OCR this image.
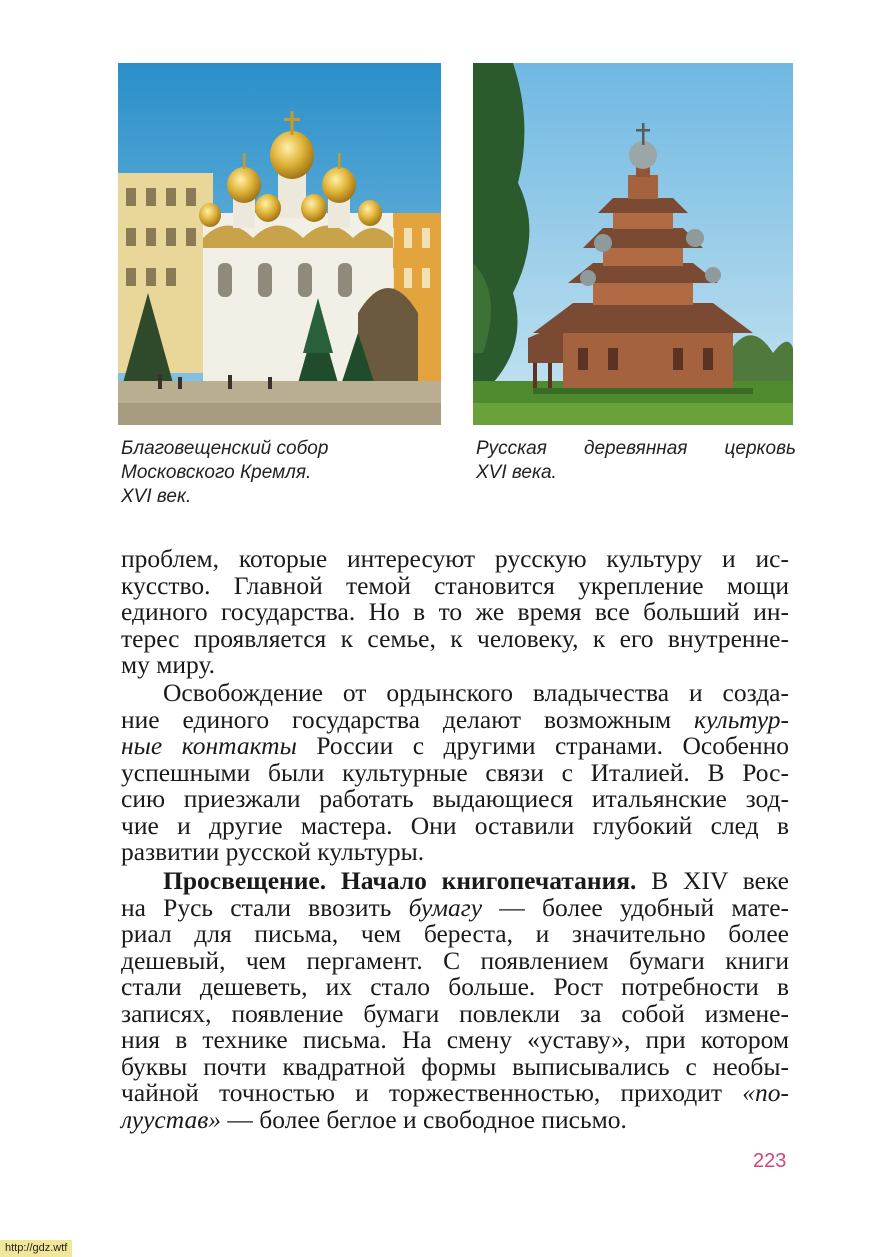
Благовещенский собор
Московского Кремля.
XVI век.
Русская деревянная церковь
XVI века.
проблем, которые интересуют русскую культуру и ис-
кусство. Главной темой становится укрепление мощи
единого государства. Но в то же время все больший ин-
терес проявляется к семье, к человеку, к его внутренне-
му миру.
Освобождение от ордынского владычества и созда-
ние единого государства делают возможным культур-
ные контакты России с другими странами. Особенно
успешными были культурные связи с Италией. В Рос-
сию приезжали работать выдающиеся итальянские зод-
чие и другие мастера. Они оставили глубокий след в
развитии русской культуры.
Просвещение. Начало книгопечатания. В XIV веке
на Русь стали ввозить бумагу — более удобный мате-
риал для письма, чем береста, и значительно более
дешевый, чем пергамент. С появлением бумаги книги
стали дешеветь, их стало больше. Рост потребности в
записях, появление бумаги повлекли за собой измене-
ния в технике письма. На смену «уставу», при котором
буквы почти квадратной формы выписывались с необы-
чайной точностью и торжественностью, приходит «по-
луустав» — более беглое и свободное письмо.
223
http://gdz.wtf
